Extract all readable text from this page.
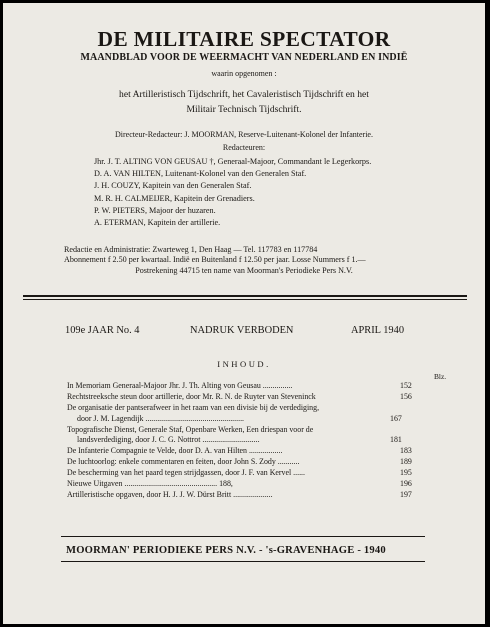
DE MILITAIRE SPECTATOR
MAANDBLAD VOOR DE WEERMACHT VAN NEDERLAND EN INDIË
waarin opgenomen :
het Artilleristisch Tijdschrift, het Cavaleristisch Tijdschrift en het
Militair Technisch Tijdschrift.
Directeur-Redacteur: J. MOORMAN, Reserve-Luitenant-Kolonel der Infanterie.
Redacteuren:
Jhr. J. T. ALTING VON GEUSAU †, Generaal-Majoor, Commandant le Legerkorps.
D. A. VAN HILTEN, Luitenant-Kolonel van den Generalen Staf.
J. H. COUZY, Kapitein van den Generalen Staf.
M. R. H. CALMEIJER, Kapitein der Grenadiers.
P. W. PIETERS, Majoor der huzaren.
A. ETERMAN, Kapitein der artillerie.
Redactie en Administratie: Zwarteweg 1, Den Haag — Tel. 117783 en 117784
Abonnement f 2.50 per kwartaal. Indië en Buitenland f 12.50 per jaar. Losse Nummers f 1.—
Postrekening 44715 ten name van Moorman's Periodieke Pers N.V.
109e JAAR No. 4	NADRUK VERBODEN	APRIL 1940
INHOUD.
Blz.
In Memoriam Generaal-Majoor Jhr. J. Th. Alting von Geusau ...............	152
Rechtstreeksche steun door artillerie, door Mr. R. N. de Ruyter van Steveninck	156
De organisatie der pantserafweer in het raam van een divisie bij de verdediging,
door J. M. Lagendijk ..................................................	167
Topografische Dienst, Generale Staf, Openbare Werken, Een driespan voor de
landsverdediging, door J. C. G. Nottrot .............................	181
De Infanterie Compagnie te Velde, door D. A. van Hilten .................	183
De luchtoorlog: enkele commentaren en feiten, door John S. Zody ...........	189
De bescherming van het paard tegen strijdgassen, door J. F. van Kervel ......	195
Nieuwe Uitgaven ............................................... 188,	196
Artilleristische opgaven, door H. J. J. W. Dürst Britt ....................	197
MOORMAN' PERIODIEKE PERS N.V. - 's-GRAVENHAGE - 1940
